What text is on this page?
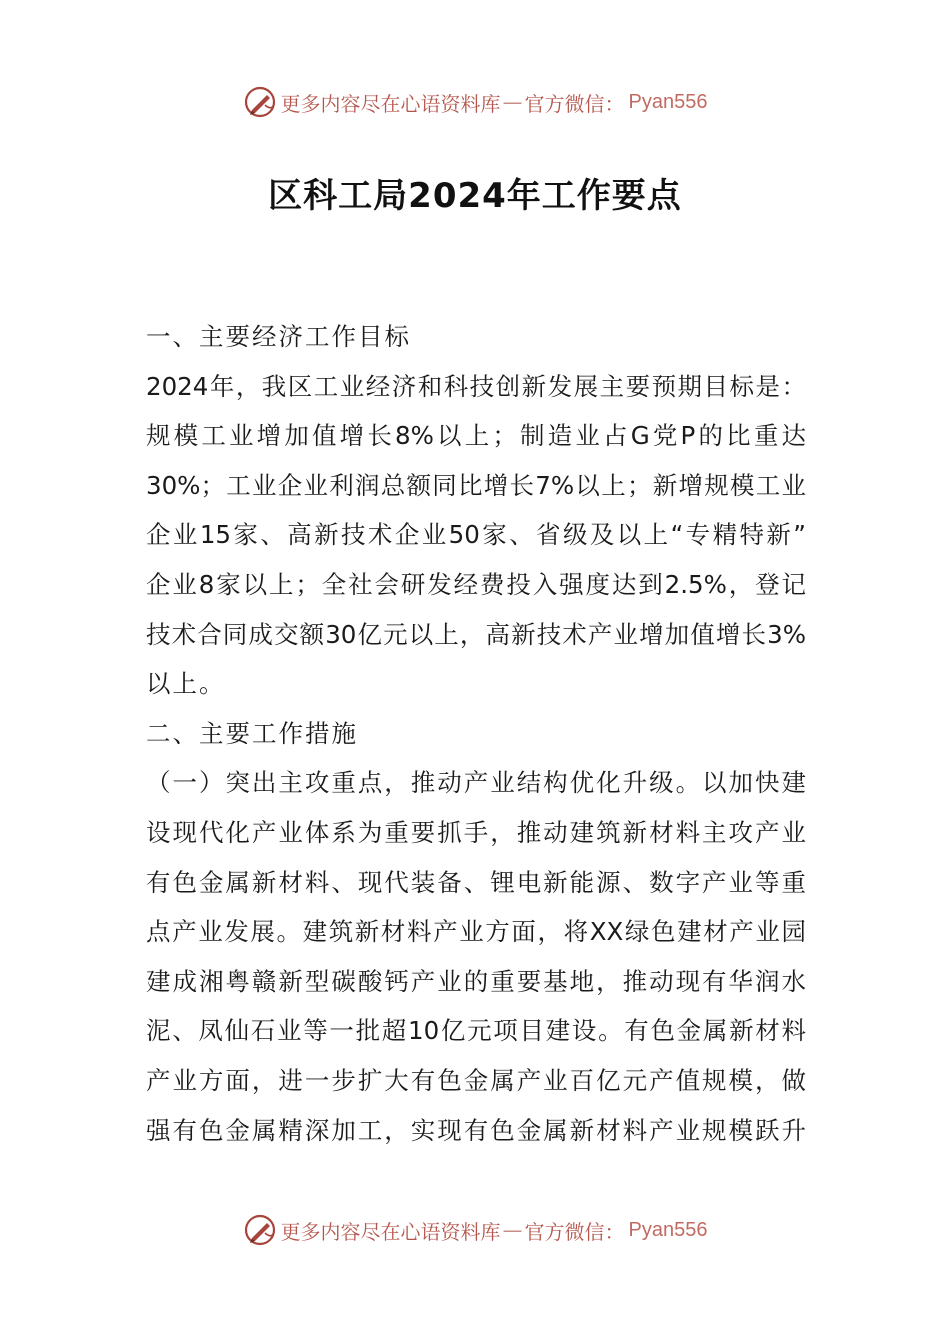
更多内容尽在心语资料库 — 官方微信： Pyan556
区科工局2024年工作要点
一、主要经济工作目标
2024年，我区工业经济和科技创新发展主要预期目标是：
规模工业增加值增长8%以上；制造业占G党P的比重达
30%；工业企业利润总额同比增长7%以上；新增规模工业
企业15家、高新技术企业50家、省级及以上“专精特新”
企业8家以上；全社会研发经费投入强度达到2.5%，登记
技术合同成交额30亿元以上，高新技术产业增加值增长3%
以上。
二、主要工作措施
（一）突出主攻重点，推动产业结构优化升级。以加快建
设现代化产业体系为重要抓手，推动建筑新材料主攻产业
有色金属新材料、现代装备、锂电新能源、数字产业等重
点产业发展。建筑新材料产业方面，将XX绿色建材产业园
建成湘粤赣新型碳酸钙产业的重要基地，推动现有华润水
泥、凤仙石业等一批超10亿元项目建设。有色金属新材料
产业方面，进一步扩大有色金属产业百亿元产值规模，做
强有色金属精深加工，实现有色金属新材料产业规模跃升
更多内容尽在心语资料库 — 官方微信： Pyan556
